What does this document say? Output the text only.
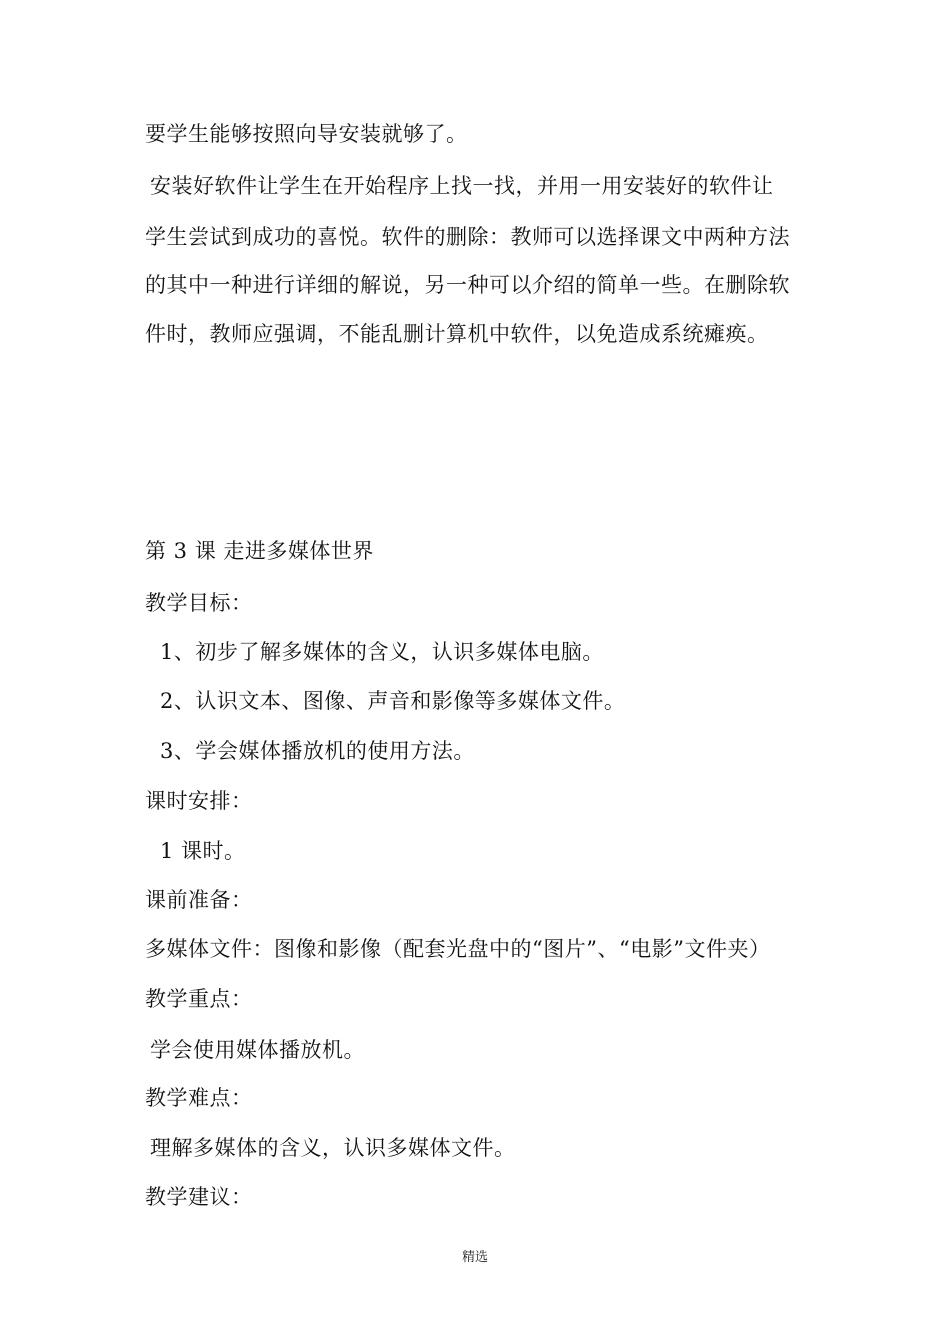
要学生能够按照向导安装就够了。
安装好软件让学生在开始程序上找一找，并用一用安装好的软件让
学生尝试到成功的喜悦。软件的删除：教师可以选择课文中两种方法
的其中一种进行详细的解说，另一种可以介绍的简单一些。在删除软
件时，教师应强调，不能乱删计算机中软件，以免造成系统瘫痪。
第 3 课 走进多媒体世界
教学目标：
1、初步了解多媒体的含义，认识多媒体电脑。
2、认识文本、图像、声音和影像等多媒体文件。
3、学会媒体播放机的使用方法。
课时安排：
1 课时。
课前准备：
多媒体文件：图像和影像（配套光盘中的“图片”、“电影”文件夹）
教学重点：
学会使用媒体播放机。
教学难点：
理解多媒体的含义，认识多媒体文件。
教学建议：
精选
